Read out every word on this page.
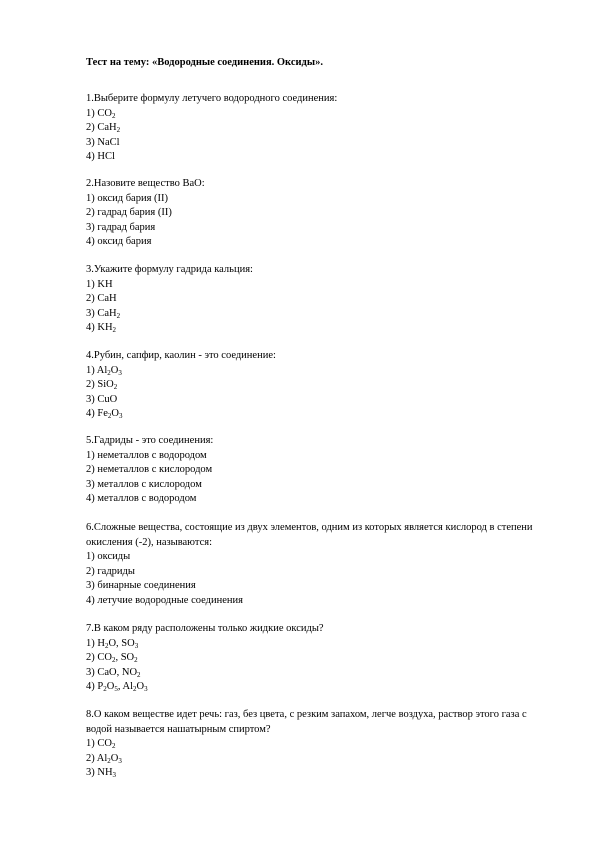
Тест на тему: «Водородные соединения. Оксиды».

1.Выберите формулу летучего водородного соединения:

1) $CO_2$
2) CaH$_2$
3) NaCl
4) HCl

2.Назовите вещество BaO:

1) оксид бария (II)
2) гадрад бария (II)
3) гадрад бария
4) оксид бария

3.Укажите формулу гадрида кальция:

1) KH
2) CaH
3) CaH$_2$
4) $KH_2$

4.Рубин, сапфир, каолин - это соединение:

1) $Al_2O_3$
2) SiO$_2$
3) CuO
4) $Fe_2O_3$

5.Гадриды - это соединения:

1) неметаллов с водородом
2) неметаллов с кислородом
3) металлов с кислородом
4) металлов с водородом

6.Сложные вещества, состоящие из двух элементов, одним из которых является кислород в степени окисления (-2), называются:

1) оксиды
2) гадриды
3) бинарные соединения
4) летучие водородные соединения

7.В каком ряду расположены только жидкие оксиды?

1) $H_2O$, $SO_3$
2) $CO_2$, $SO_2$
3) CaO, $NO_2$
4) $P_2O_5$, $Al_2O_3$

8.О каком веществе идет речь: газ, без цвета, с резким запахом, легче воздуха, раствор этого газа с водой называется нашатырным спиртом?

1) $CO_2$
2) $Al_2O_3$
3) $NH_3$
